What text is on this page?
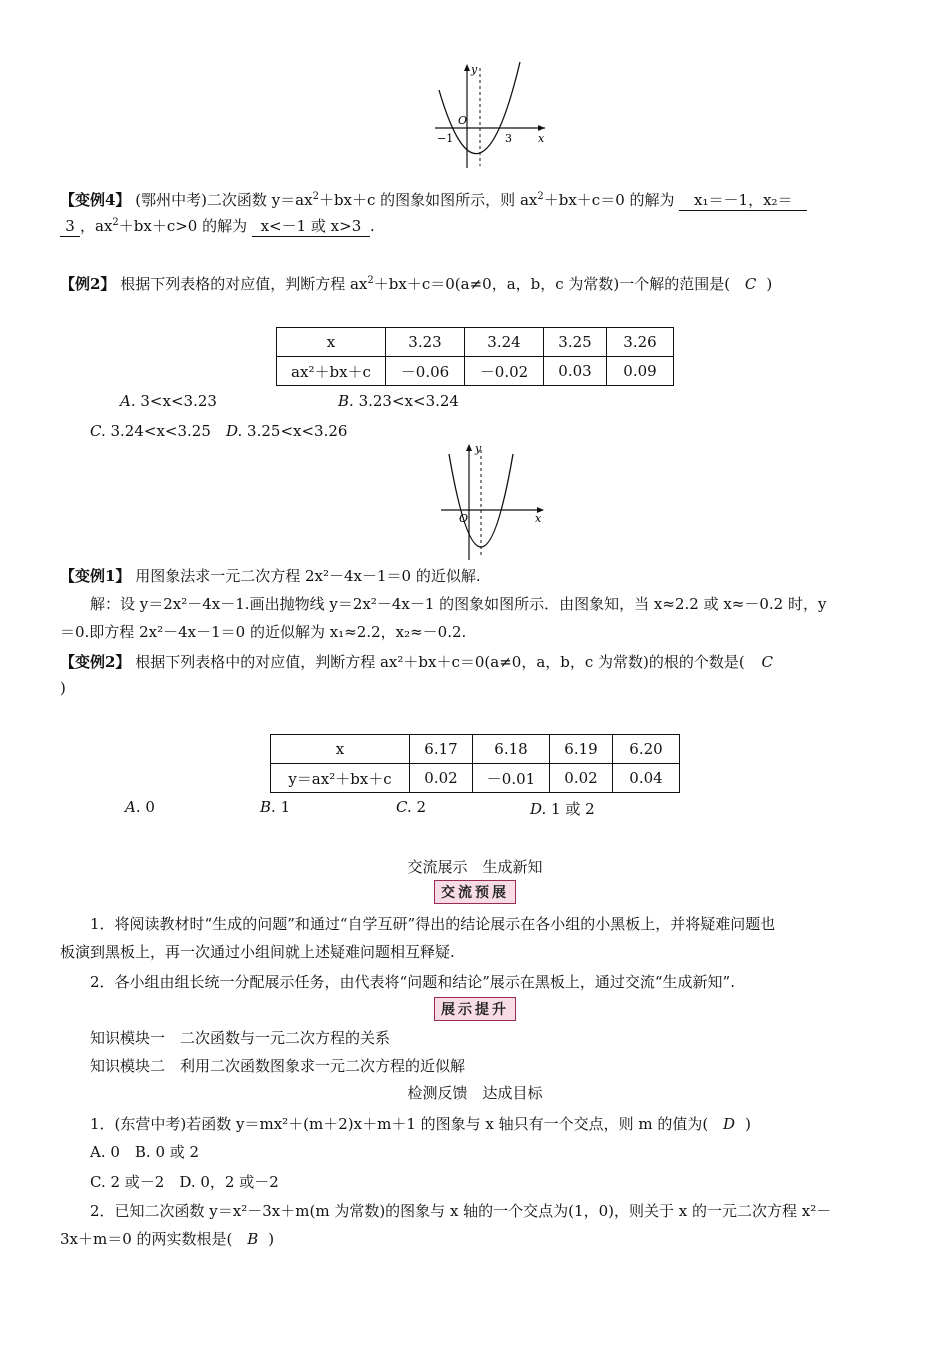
y
x
O
−1	3
【变例4】 (鄂州中考)二次函数 $y=ax^2+bx+c$ 的图象如图所示，则 $ax^2+bx+c=0$ 的解为 x₁＝－1，x₂＝
3 ，$ax^2+bx+c>0$ 的解为 x<－1 或 x>3 .
【例2】 根据下列表格的对应值，判断方程 $ax^2+bx+c=0(a\ne 0$，a，b，c 为常数)一个解的范围是( C )
x	3.23	3.24	3.25	3.26
ax²＋bx＋c	－0.06	－0.02	0.03	0.09
A. 3<x<3.23	B. 3.23<x<3.24
C. 3.24<x<3.25 D. 3.25<x<3.26
y
x
O
【变例1】 用图象法求一元二次方程 2x²－4x－1＝0 的近似解.
解：设 y＝2x²－4x－1.画出抛物线 y＝2x²－4x－1 的图象如图所示．由图象知，当 x≈2.2 或 x≈－0.2 时，y
＝0.即方程 2x²－4x－1＝0 的近似解为 x₁≈2.2，x₂≈－0.2.
【变例2】 根据下列表格中的对应值，判断方程 ax²＋bx＋c＝0(a≠0，a，b，c 为常数)的根的个数是( C
)
x	6.17	6.18	6.19	6.20
y＝ax²＋bx＋c	0.02	－0.01	0.02	0.04
A. 0	B. 1	C. 2	D. 1 或 2
交流展示　生成新知
交流预展
1．将阅读教材时“生成的问题”和通过“自学互研”得出的结论展示在各小组的小黑板上，并将疑难问题也
板演到黑板上，再一次通过小组间就上述疑难问题相互释疑.
2．各小组由组长统一分配展示任务，由代表将“问题和结论”展示在黑板上，通过交流“生成新知”.
展示提升
知识模块一　二次函数与一元二次方程的关系
知识模块二　利用二次函数图象求一元二次方程的近似解
检测反馈　达成目标
1．(东营中考)若函数 y＝mx²＋(m＋2)x＋m＋1 的图象与 x 轴只有一个交点，则 m 的值为( D )
A. 0　B. 0 或 2
C. 2 或－2　D. 0，2 或－2
2．已知二次函数 y＝x²－3x＋m(m 为常数)的图象与 x 轴的一个交点为(1，0)，则关于 x 的一元二次方程 x²－
3x＋m＝0 的两实数根是( B )
